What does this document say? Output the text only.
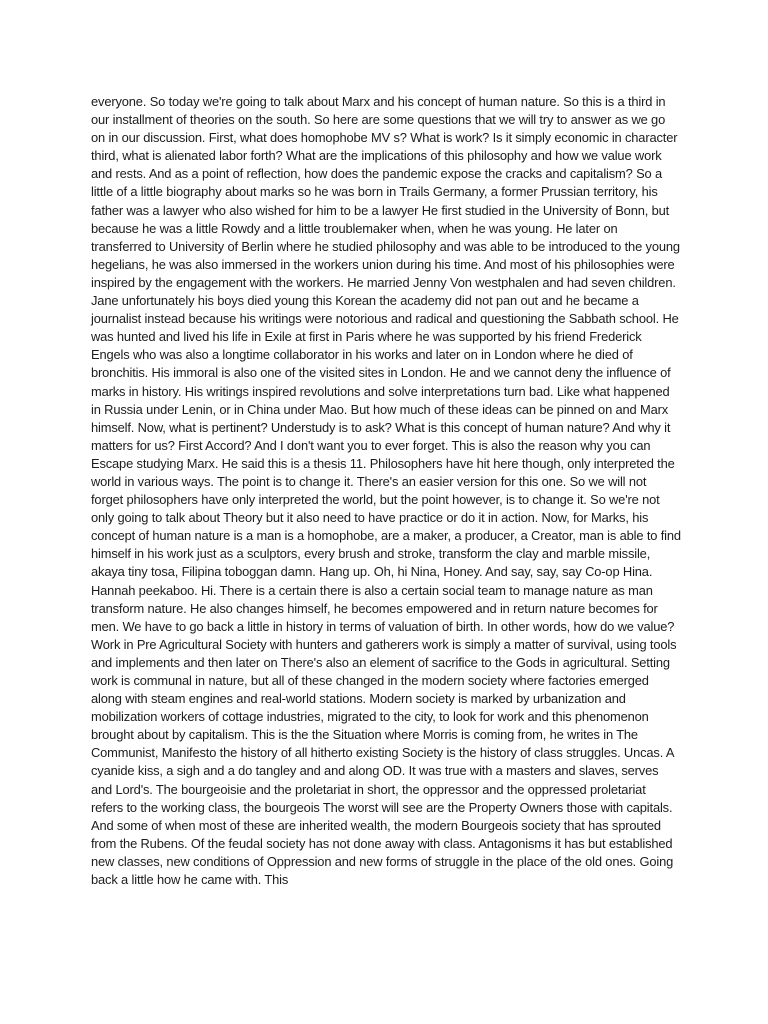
everyone. So today we're going to talk about Marx and his concept of human nature. So this is a third in our installment of theories on the south. So here are some questions that we will try to answer as we go on in our discussion. First, what does homophobe MV s? What is work? Is it simply economic in character third, what is alienated labor forth? What are the implications of this philosophy and how we value work and rests. And as a point of reflection, how does the pandemic expose the cracks and capitalism? So a little of a little biography about marks so he was born in Trails Germany, a former Prussian territory, his father was a lawyer who also wished for him to be a lawyer He first studied in the University of Bonn, but because he was a little Rowdy and a little troublemaker when, when he was young. He later on transferred to University of Berlin where he studied philosophy and was able to be introduced to the young hegelians, he was also immersed in the workers union during his time. And most of his philosophies were inspired by the engagement with the workers. He married Jenny Von westphalen and had seven children. Jane unfortunately his boys died young this Korean the academy did not pan out and he became a journalist instead because his writings were notorious and radical and questioning the Sabbath school. He was hunted and lived his life in Exile at first in Paris where he was supported by his friend Frederick Engels who was also a longtime collaborator in his works and later on in London where he died of bronchitis. His immoral is also one of the visited sites in London. He and we cannot deny the influence of marks in history. His writings inspired revolutions and solve interpretations turn bad. Like what happened in Russia under Lenin, or in China under Mao. But how much of these ideas can be pinned on and Marx himself. Now, what is pertinent? Understudy is to ask? What is this concept of human nature? And why it matters for us? First Accord? And I don't want you to ever forget. This is also the reason why you can Escape studying Marx. He said this is a thesis 11. Philosophers have hit here though, only interpreted the world in various ways. The point is to change it. There's an easier version for this one. So we will not forget philosophers have only interpreted the world, but the point however, is to change it. So we're not only going to talk about Theory but it also need to have practice or do it in action. Now, for Marks, his concept of human nature is a man is a homophobe, are a maker, a producer, a Creator, man is able to find himself in his work just as a sculptors, every brush and stroke, transform the clay and marble missile, akaya tiny tosa, Filipina toboggan damn. Hang up. Oh, hi Nina, Honey. And say, say, say Co-op Hina. Hannah peekaboo. Hi. There is a certain there is also a certain social team to manage nature as man transform nature. He also changes himself, he becomes empowered and in return nature becomes for men. We have to go back a little in history in terms of valuation of birth. In other words, how do we value? Work in Pre Agricultural Society with hunters and gatherers work is simply a matter of survival, using tools and implements and then later on There's also an element of sacrifice to the Gods in agricultural. Setting work is communal in nature, but all of these changed in the modern society where factories emerged along with steam engines and real-world stations. Modern society is marked by urbanization and mobilization workers of cottage industries, migrated to the city, to look for work and this phenomenon brought about by capitalism. This is the the Situation where Morris is coming from, he writes in The Communist, Manifesto the history of all hitherto existing Society is the history of class struggles. Uncas. A cyanide kiss, a sigh and a do tangley and and along OD. It was true with a masters and slaves, serves and Lord's. The bourgeoisie and the proletariat in short, the oppressor and the oppressed proletariat refers to the working class, the bourgeois The worst will see are the Property Owners those with capitals. And some of when most of these are inherited wealth, the modern Bourgeois society that has sprouted from the Rubens. Of the feudal society has not done away with class. Antagonisms it has but established new classes, new conditions of Oppression and new forms of struggle in the place of the old ones. Going back a little how he came with. This
